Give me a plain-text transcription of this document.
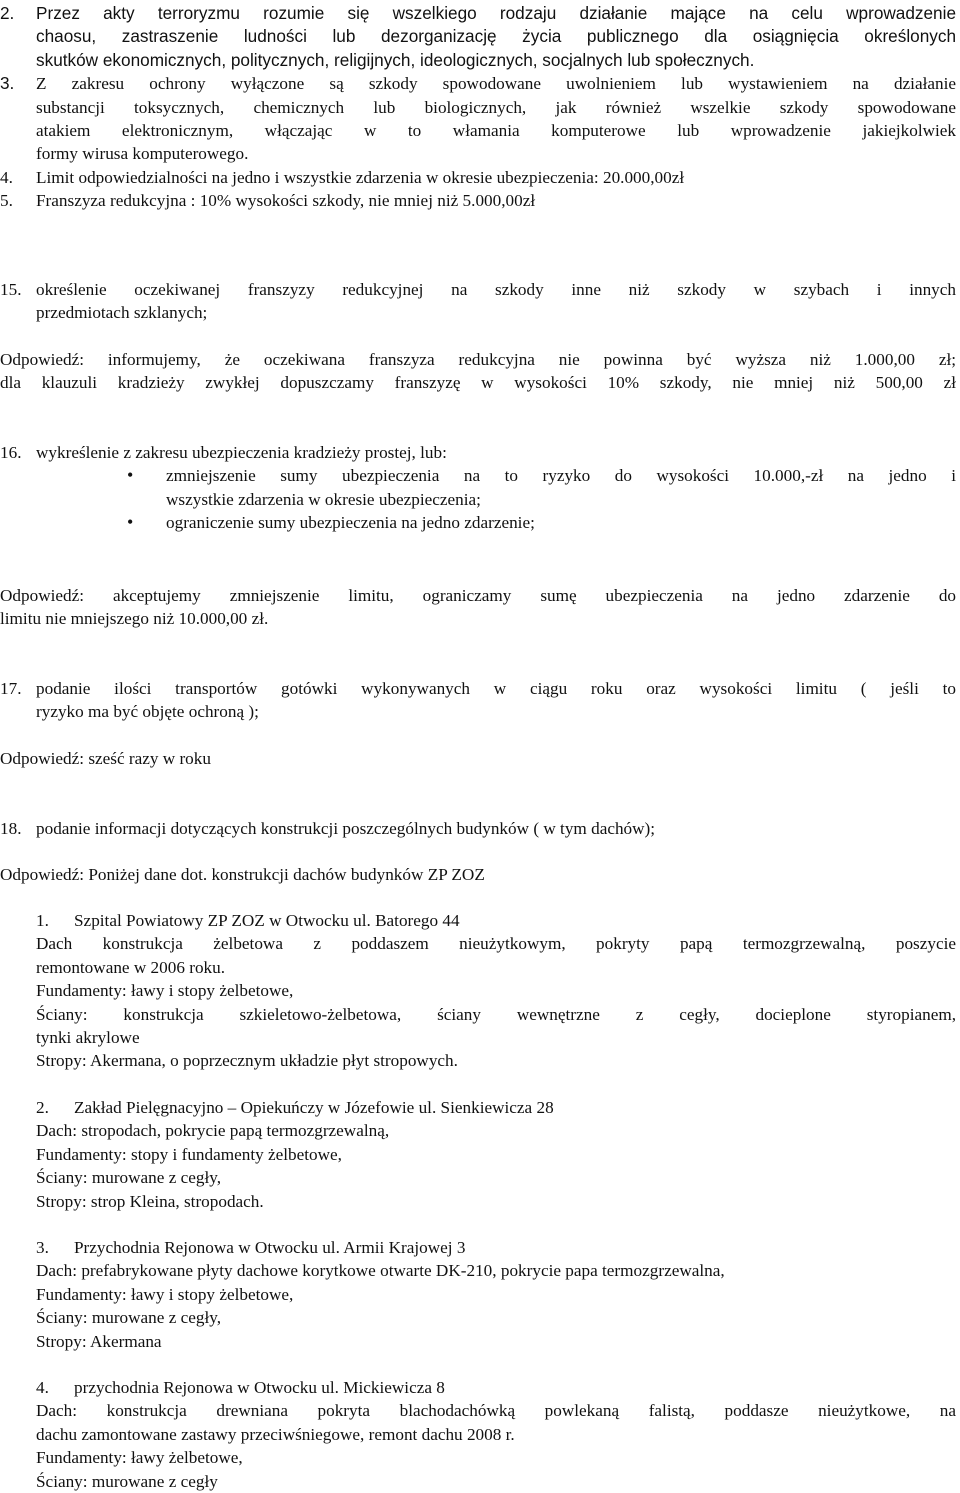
2.	Przez akty terroryzmu rozumie się wszelkiego rodzaju działanie mające na celu wprowadzenie
chaosu, zastraszenie ludności lub dezorganizację życia publicznego dla osiągnięcia określonych
skutków ekonomicznych, politycznych, religijnych, ideologicznych, socjalnych lub społecznych.
3.	Z zakresu ochrony wyłączone są szkody spowodowane uwolnieniem lub wystawieniem na działanie
substancji toksycznych, chemicznych lub biologicznych, jak również wszelkie szkody spowodowane
atakiem elektronicznym, włączając w to włamania komputerowe lub wprowadzenie jakiejkolwiek
formy wirusa komputerowego.
4.	Limit odpowiedzialności na jedno i wszystkie zdarzenia w okresie ubezpieczenia: 20.000,00zł
5.	Franszyza redukcyjna : 10% wysokości szkody, nie mniej niż 5.000,00zł
15. określenie oczekiwanej franszyzy redukcyjnej na szkody inne niż szkody w szybach i innych
przedmiotach szklanych;
Odpowiedź: informujemy, że oczekiwana franszyza redukcyjna nie powinna być wyższa niż 1.000,00 zł;
dla klauzuli kradzieży zwykłej dopuszczamy franszyzę w wysokości 10% szkody, nie mniej niż 500,00 zł
16. wykreślenie z zakresu ubezpieczenia kradzieży prostej, lub:
• zmniejszenie sumy ubezpieczenia na to ryzyko do wysokości 10.000,-zł na jedno i
wszystkie zdarzenia w okresie ubezpieczenia;
• ograniczenie sumy ubezpieczenia na jedno zdarzenie;
Odpowiedź: akceptujemy zmniejszenie limitu, ograniczamy sumę ubezpieczenia na jedno zdarzenie do
limitu nie mniejszego niż 10.000,00 zł.
17. podanie ilości transportów gotówki wykonywanych w ciągu roku oraz wysokości limitu ( jeśli to
ryzyko ma być objęte ochroną );
Odpowiedź: sześć razy w roku
18. podanie informacji dotyczących konstrukcji poszczególnych budynków ( w tym dachów);
Odpowiedź: Poniżej dane dot. konstrukcji dachów budynków ZP ZOZ
1.	Szpital Powiatowy ZP ZOZ w Otwocku ul. Batorego 44
Dach konstrukcja żelbetowa z poddaszem nieużytkowym, pokryty papą termozgrzewalną, poszycie
remontowane w 2006 roku.
Fundamenty: ławy i stopy żelbetowe,
Ściany: konstrukcja szkieletowo-żelbetowa, ściany wewnętrzne z cegły, docieplone styropianem,
tynki akrylowe
Stropy: Akermana, o poprzecznym układzie płyt stropowych.
2.	Zakład Pielęgnacyjno – Opiekuńczy w Józefowie ul. Sienkiewicza 28
Dach: stropodach, pokrycie papą termozgrzewalną,
Fundamenty: stopy i fundamenty żelbetowe,
Ściany: murowane z cegły,
Stropy: strop Kleina, stropodach.
3.	Przychodnia Rejonowa w Otwocku ul. Armii Krajowej 3
Dach: prefabrykowane płyty dachowe korytkowe otwarte DK-210, pokrycie papa termozgrzewalna,
Fundamenty: ławy i stopy żelbetowe,
Ściany: murowane z cegły,
Stropy: Akermana
4.	przychodnia Rejonowa w Otwocku ul. Mickiewicza 8
Dach: konstrukcja drewniana pokryta blachodachówką powlekaną falistą, poddasze nieużytkowe, na
dachu zamontowane zastawy przeciwśniegowe, remont dachu 2008 r.
Fundamenty: ławy żelbetowe,
Ściany: murowane z cegły
